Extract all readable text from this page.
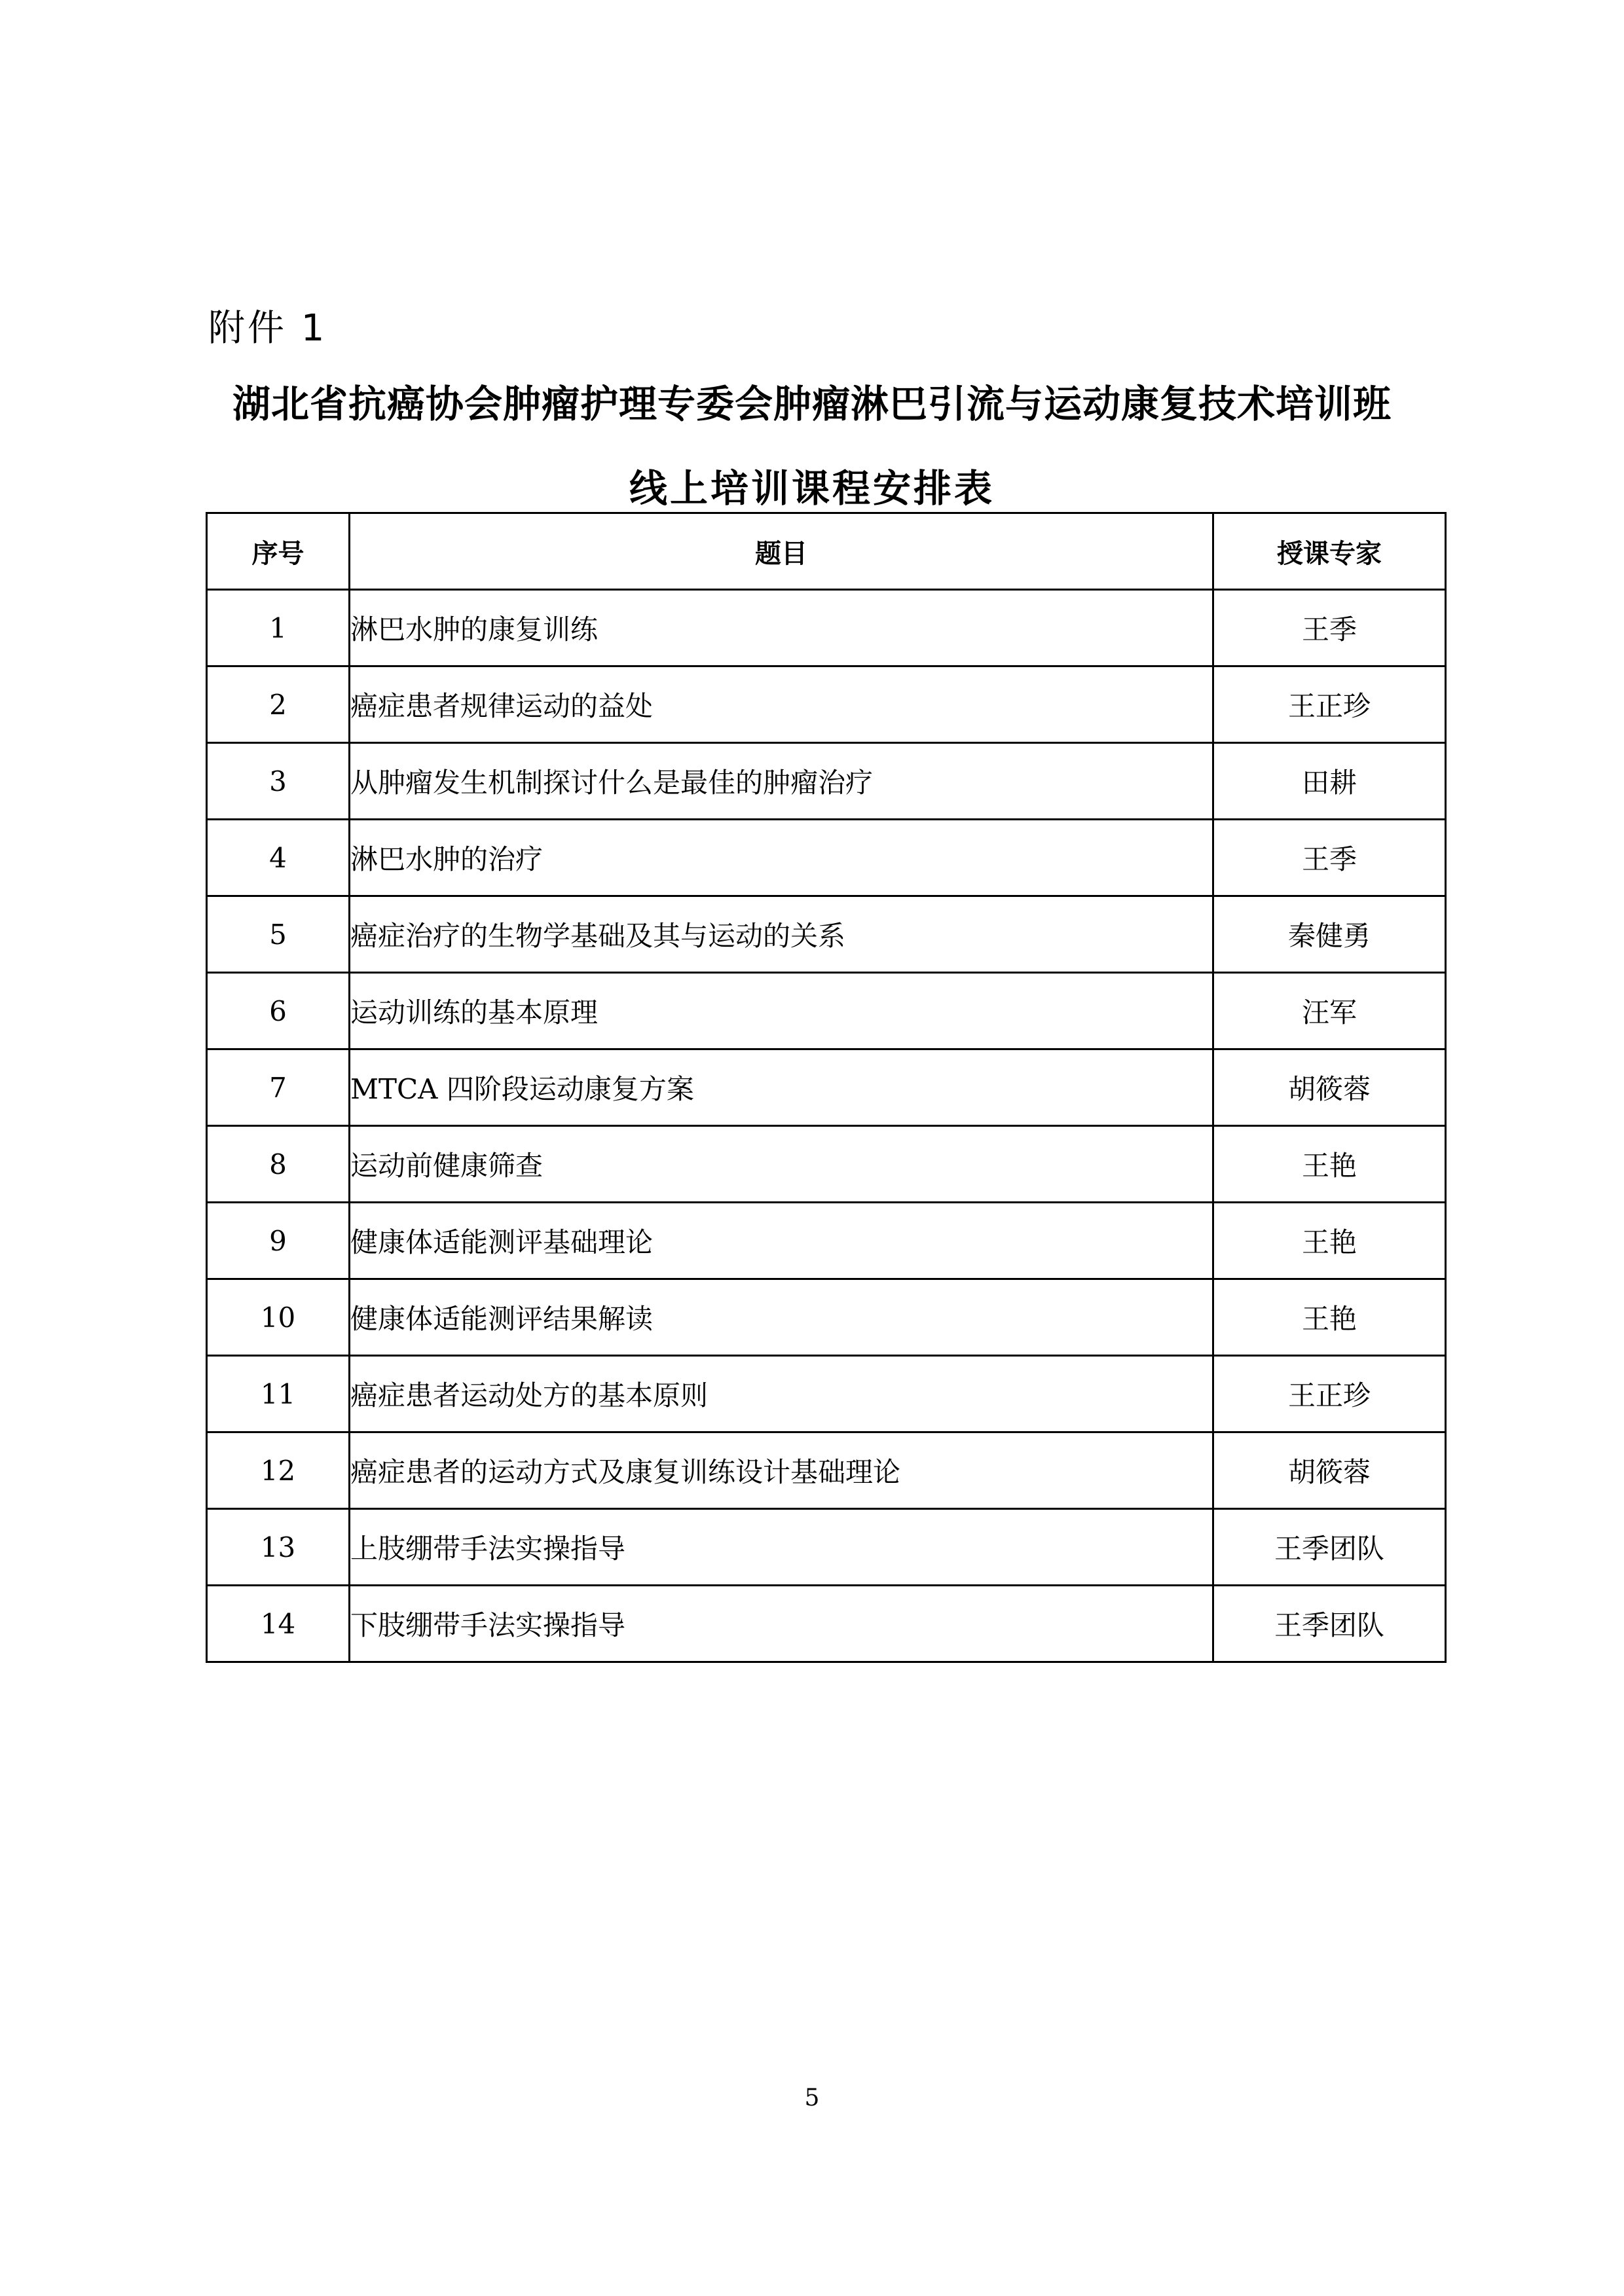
附件 1
湖北省抗癌协会肿瘤护理专委会肿瘤淋巴引流与运动康复技术培训班
线上培训课程安排表
序号	题目	授课专家
1	淋巴水肿的康复训练	王季
2	癌症患者规律运动的益处	王正珍
3	从肿瘤发生机制探讨什么是最佳的肿瘤治疗	田耕
4	淋巴水肿的治疗	王季
5	癌症治疗的生物学基础及其与运动的关系	秦健勇
6	运动训练的基本原理	汪军
7	MTCA 四阶段运动康复方案	胡筱蓉
8	运动前健康筛查	王艳
9	健康体适能测评基础理论	王艳
10	健康体适能测评结果解读	王艳
11	癌症患者运动处方的基本原则	王正珍
12	癌症患者的运动方式及康复训练设计基础理论	胡筱蓉
13	上肢绷带手法实操指导	王季团队
14	下肢绷带手法实操指导	王季团队
5
